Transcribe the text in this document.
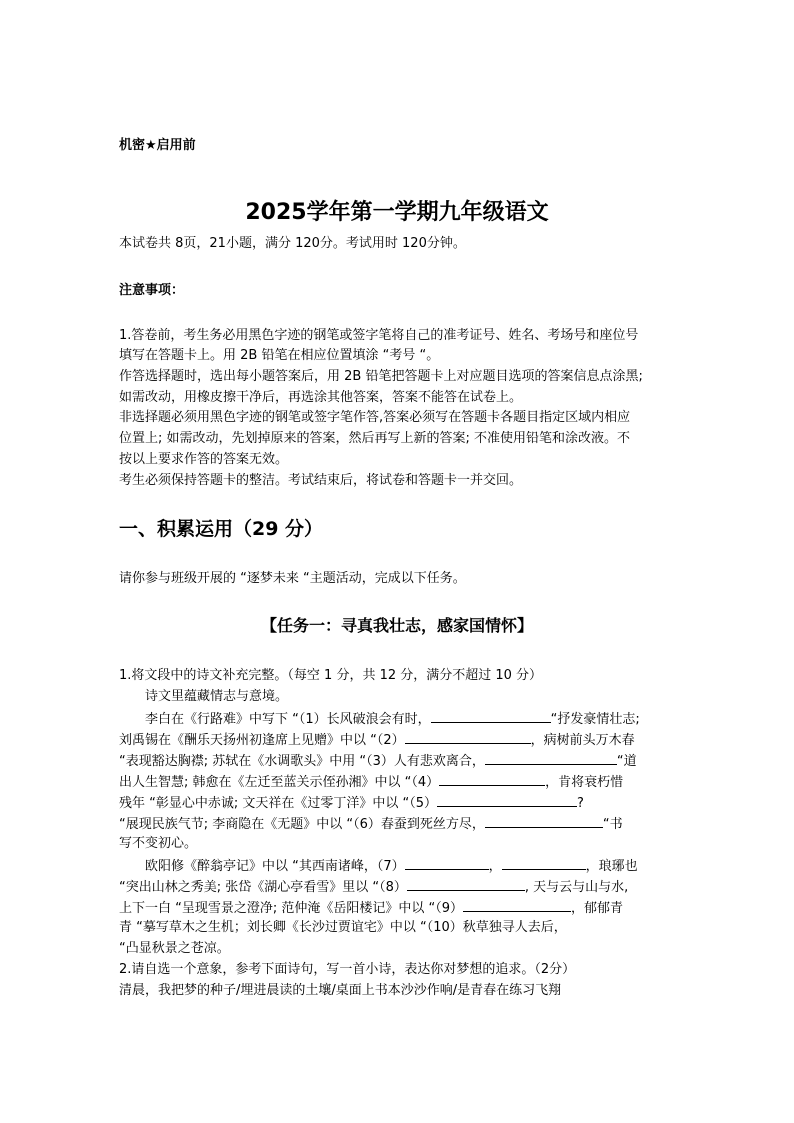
机密★启用前
2025学年第一学期九年级语文
本试卷共 8页，21小题，满分 120分。考试用时 120分钟。
注意事项：
1.答卷前，考生务必用黑色字迹的钢笔或签字笔将自己的准考证号、姓名、考场号和座位号
填写在答题卡上。用 2B 铅笔在相应位置填涂 “考号 “。
作答选择题时，选出每小题答案后，用 2B 铅笔把答题卡上对应题目选项的答案信息点涂黑;
如需改动，用橡皮擦干净后，再选涂其他答案，答案不能答在试卷上。
非选择题必须用黑色字迹的钢笔或签字笔作答,答案必须写在答题卡各题目指定区域内相应
位置上; 如需改动，先划掉原来的答案，然后再写上新的答案; 不准使用铅笔和涂改液。不
按以上要求作答的答案无效。
考生必须保持答题卡的整洁。考试结束后，将试卷和答题卡一并交回。
一、积累运用（29 分）
请你参与班级开展的 “逐梦未来 “主题活动，完成以下任务。
【任务一：寻真我壮志，感家国情怀】
1.将文段中的诗文补充完整。（每空 1 分，共 12 分，满分不超过 10 分）
诗文里蕴藏情志与意境。
李白在《行路难》中写下 “（1）长风破浪会有时，	“抒发豪情壮志;
刘禹锡在《酬乐天扬州初逢席上见赠》中以 “（2）	，病树前头万木春
“表现豁达胸襟; 苏轼在《水调歌头》中用 “（3）人有悲欢离合，	“道
出人生智慧; 韩愈在《左迁至蓝关示侄孙湘》中以 “（4）	，肯将衰朽惜
残年 “彰显心中赤诚; 文天祥在《过零丁洋》中以 “（5）	?
“展现民族气节; 李商隐在《无题》中以 “（6）春蚕到死丝方尽，	“书
写不变初心。
欧阳修《醉翁亭记》中以 “其西南诸峰，（7）	，	，琅琊也
“突出山林之秀美; 张岱《湖心亭看雪》里以 “（8）	, 天与云与山与水,
上下一白 “呈现雪景之澄净; 范仲淹《岳阳楼记》中以 “（9）	，郁郁青
青 “摹写草木之生机；刘长卿《长沙过贾谊宅》中以 “（10）秋草独寻人去后，
“凸显秋景之苍凉。
2.请自选一个意象，参考下面诗句，写一首小诗，表达你对梦想的追求。（2分）
清晨，我把梦的种子/埋进晨读的土壤/桌面上书本沙沙作响/是青春在练习飞翔
